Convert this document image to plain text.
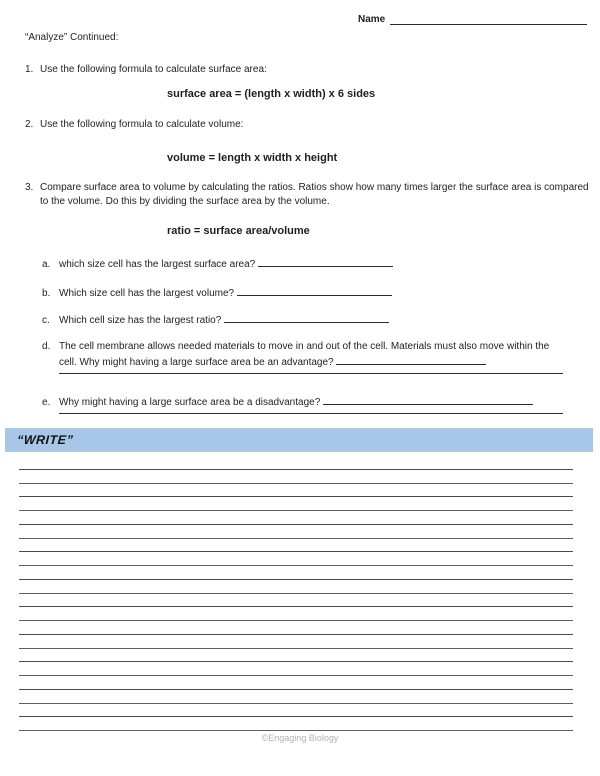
Name
“Analyze” Continued:
1. Use the following formula to calculate surface area:
surface area = (length x width) x 6 sides
2. Use the following formula to calculate volume:
volume = length x width x height
3. Compare surface area to volume by calculating the ratios. Ratios show how many times larger the surface area is compared to the volume. Do this by dividing the surface area by the volume.
ratio = surface area/volume
a. which size cell has the largest surface area?
b. Which size cell has the largest volume?
c. Which cell size has the largest ratio?
d. The cell membrane allows needed materials to move in and out of the cell. Materials must also move within the cell. Why might having a large surface area be an advantage?
e. Why might having a large surface area be a disadvantage?
“WRITE”
©Engaging Biology
